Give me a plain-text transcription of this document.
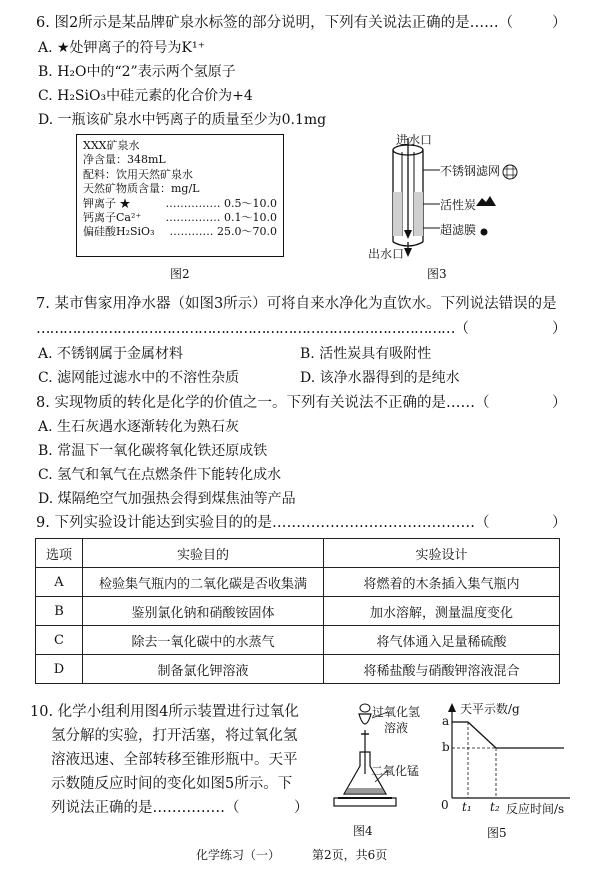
6. 图2所示是某品牌矿泉水标签的部分说明，下列有关说法正确的是……（	）
A. ★处钾离子的符号为K¹⁺
B. H₂O中的“2”表示两个氢原子
C. H₂SiO₃中硅元素的化合价为+4
D. 一瓶该矿泉水中钙离子的质量至少为0.1mg
XXX矿泉水
净含量：348mL
配料：饮用天然矿泉水
天然矿物质含量：mg/L
钾离子 ★	…………… 0.5～10.0
钙离子Ca²⁺ …………… 0.1～10.0
偏硅酸H₂SiO₃ ………… 25.0～70.0
图2
进水口
不锈钢滤网
活性炭
超滤膜
出水口
图3
7. 某市售家用净水器（如图3所示）可将自来水净化为直饮水。下列说法错误的是
…………………………………………………………………………………（	）
A. 不锈钢属于金属材料	B. 活性炭具有吸附性
C. 滤网能过滤水中的不溶性杂质	D. 该净水器得到的是纯水
8. 实现物质的转化是化学的价值之一。下列有关说法不正确的是……（	）
A. 生石灰遇水逐渐转化为熟石灰
B. 常温下一氧化碳将氧化铁还原成铁
C. 氢气和氧气在点燃条件下能转化成水
D. 煤隔绝空气加强热会得到煤焦油等产品
9. 下列实验设计能达到实验目的的是……………………………………（	）
选项	实验目的	实验设计
A	检验集气瓶内的二氧化碳是否收集满	将燃着的木条插入集气瓶内
B	鉴别氯化钠和硝酸铵固体	加水溶解，测量温度变化
C	除去一氧化碳中的水蒸气	将气体通入足量稀硫酸
D	制备氯化钾溶液	将稀盐酸与硝酸钾溶液混合
10. 化学小组利用图4所示装置进行过氧化
氢分解的实验，打开活塞，将过氧化氢
溶液迅速、全部转移至锥形瓶中。天平
示数随反应时间的变化如图5所示。下
列说法正确的是……………（	）
过氧化氢
溶液
二氧化锰
图4
天平示数/g
a
b
0 t₁ t₂ 反应时间/s
图5
化学练习（一）	第2页，共6页
